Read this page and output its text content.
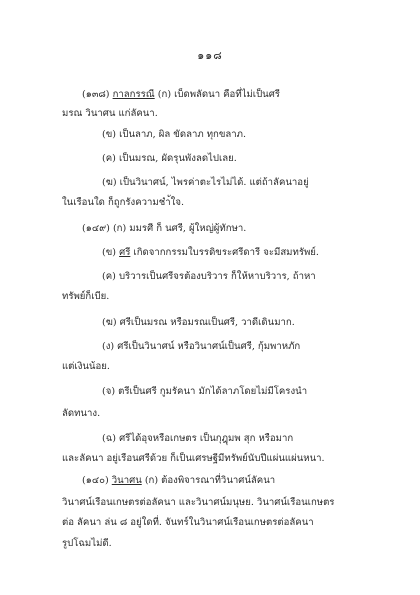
๑๑๘
(๑๓๘) กาลกรรณี (ก) เบ็ดพลัดนา คือที่ไม่เป็นศรี
มรณ วินาศน แก่ลัคนา.
(ข) เป็นลาภ, ผิล ขัดลาภ ทุกขลาภ.
(ค) เป็นมรณ, ผัดรุนพังลดไปเลย.
(ฆ) เป็นวินาศน์, ไพรค่าตะไรไม่ได้. แต่ถ้าลัคนาอยู่
ในเรือนใด ก็ถูกรังความชำ้ใจ.
(๑๔๙) (ก) มมรศี ก็ นศรี, ผู้ใหญ่ผู้ทักษา.
(ข) ศรี เกิดจากกรรมใบรรดิขระศรีดารี จะมีสมทรัพย์.
(ค) บริวารเป็นศรีจรต้องบริวาร ก็ให้หาบริวาร, ถ้าหา
ทรัพย์ก็เบีย.
(ฆ) ศรีเป็นมรณ หรือมรณเป็นศรี, วาดีเดินมาก.
(ง) ศรีเป็นวินาศน์ หรือวินาศน์เป็นศรี, กุ้มพาหภัก
แต่เงินน้อย.
(จ) ตรีเป็นศรี กูมรัคนา มักได้ลาภโดยไม่มีโครงนำ
ลัดทนาง.
(ฉ) ศรีได้อุจหรือเกษตร เป็นกุฎุมพ สุก หรือมาก
และลัคนา อยู่เรือนศรีด้วย ก็เป็นเศรษฐีมีทรัพย์นับปีแผ่นแผ่นหนา.
(๑๔๐) วินาศน (ก) ต้องพิจารณาที่วินาศน์ลัคนา
วินาศน์เรือนเกษตรต่อลัคนา และวินาศน์มนุษย. วินาศน์เรือนเกษตร
ต่อ ลัคนา ล่น ๘ อยู่ใดที่. จันทร์ในวินาศน์เรือนเกษตรต่อลัคนา
รูปโฉมไม่ดี.
